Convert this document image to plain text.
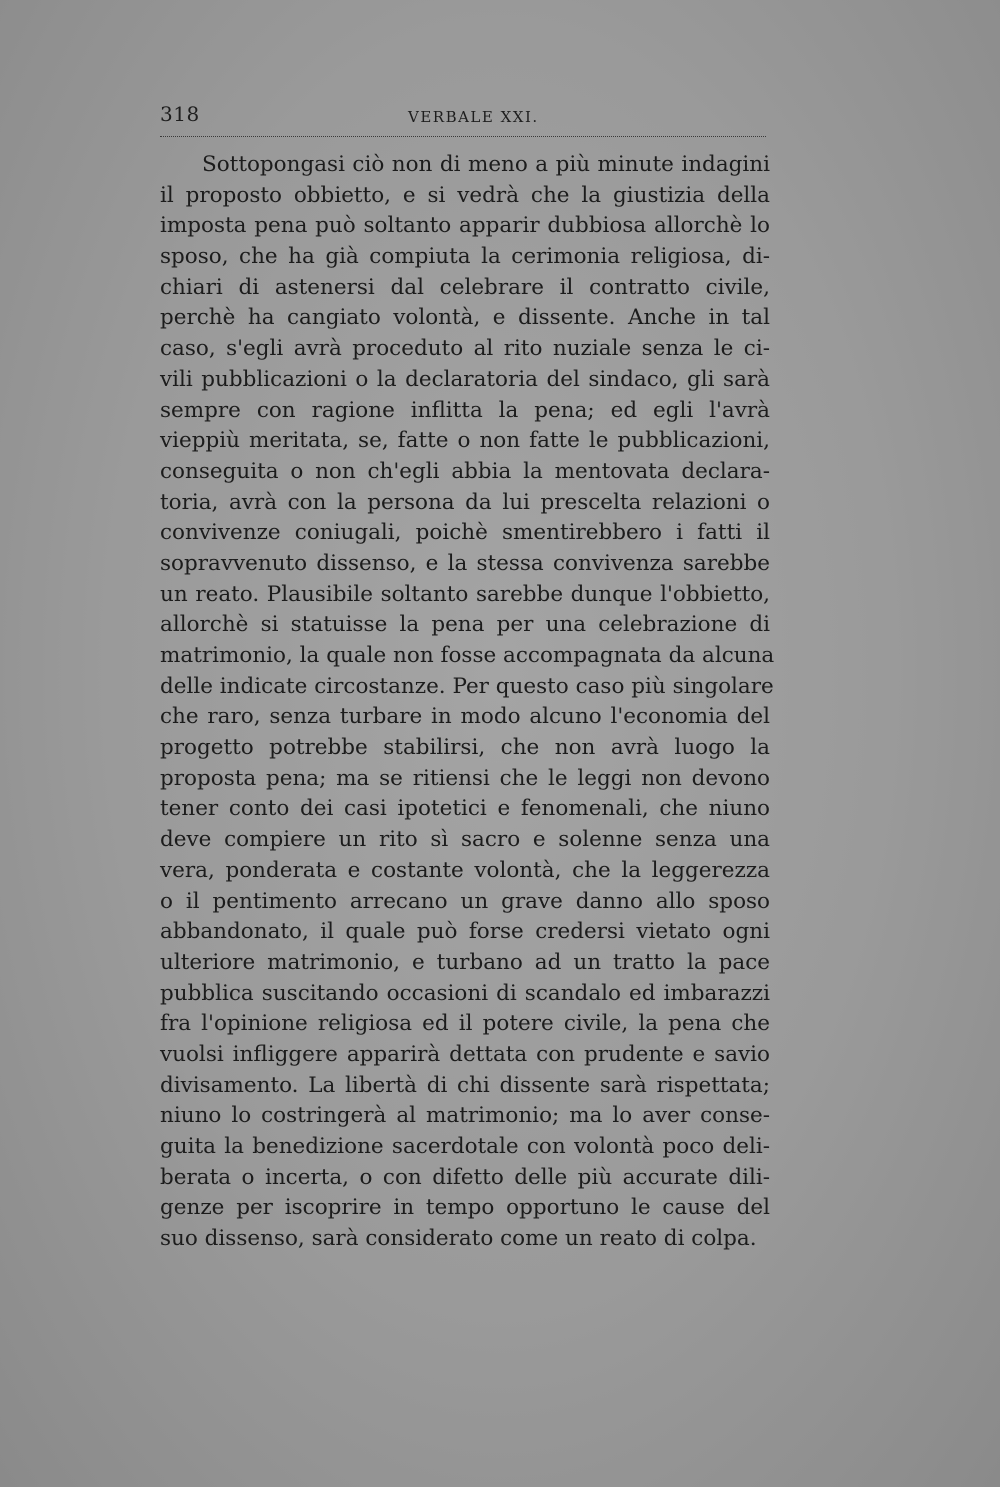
318	VERBALE XXI.
Sottopongasi ciò non di meno a più minute indagini
il proposto obbietto, e si vedrà che la giustizia della
imposta pena può soltanto apparir dubbiosa allorchè lo
sposo, che ha già compiuta la cerimonia religiosa, di-
chiari di astenersi dal celebrare il contratto civile,
perchè ha cangiato volontà, e dissente. Anche in tal
caso, s'egli avrà proceduto al rito nuziale senza le ci-
vili pubblicazioni o la declaratoria del sindaco, gli sarà
sempre con ragione inflitta la pena; ed egli l'avrà
vieppiù meritata, se, fatte o non fatte le pubblicazioni,
conseguita o non ch'egli abbia la mentovata declara-
toria, avrà con la persona da lui prescelta relazioni o
convivenze coniugali, poichè smentirebbero i fatti il
sopravvenuto dissenso, e la stessa convivenza sarebbe
un reato. Plausibile soltanto sarebbe dunque l'obbietto,
allorchè si statuisse la pena per una celebrazione di
matrimonio, la quale non fosse accompagnata da alcuna
delle indicate circostanze. Per questo caso più singolare
che raro, senza turbare in modo alcuno l'economia del
progetto potrebbe stabilirsi, che non avrà luogo la
proposta pena; ma se ritiensi che le leggi non devono
tener conto dei casi ipotetici e fenomenali, che niuno
deve compiere un rito sì sacro e solenne senza una
vera, ponderata e costante volontà, che la leggerezza
o il pentimento arrecano un grave danno allo sposo
abbandonato, il quale può forse credersi vietato ogni
ulteriore matrimonio, e turbano ad un tratto la pace
pubblica suscitando occasioni di scandalo ed imbarazzi
fra l'opinione religiosa ed il potere civile, la pena che
vuolsi infliggere apparirà dettata con prudente e savio
divisamento. La libertà di chi dissente sarà rispettata;
niuno lo costringerà al matrimonio; ma lo aver conse-
guita la benedizione sacerdotale con volontà poco deli-
berata o incerta, o con difetto delle più accurate dili-
genze per iscoprire in tempo opportuno le cause del
suo dissenso, sarà considerato come un reato di colpa.
